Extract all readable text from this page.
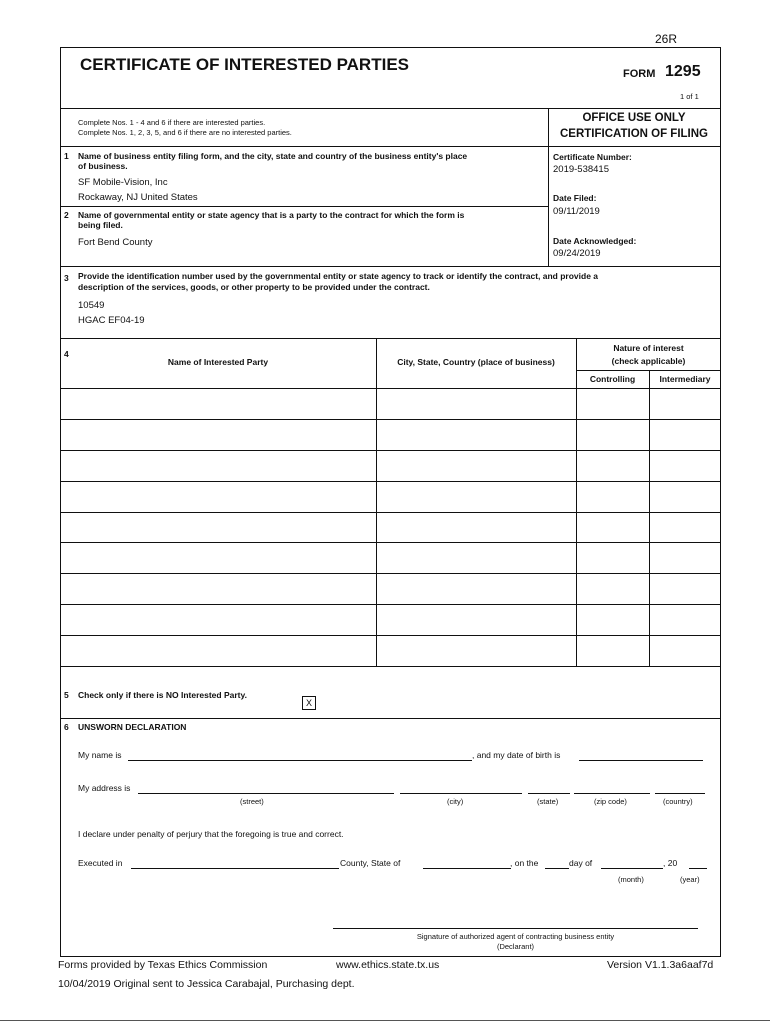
26R
CERTIFICATE OF INTERESTED PARTIES	FORM 1295
1 of 1
Complete Nos. 1 - 4 and 6 if there are interested parties.
Complete Nos. 1, 2, 3, 5, and 6 if there are no interested parties.
OFFICE USE ONLY
CERTIFICATION OF FILING
Certificate Number:
2019-538415
Date Filed:
09/11/2019
Date Acknowledged:
09/24/2019
1 Name of business entity filing form, and the city, state and country of the business entity's place
of business.
SF Mobile-Vision, Inc
Rockaway, NJ United States
2 Name of governmental entity or state agency that is a party to the contract for which the form is
being filed.
Fort Bend County
3 Provide the identification number used by the governmental entity or state agency to track or identify the contract, and provide a
description of the services, goods, or other property to be provided under the contract.
10549
HGAC EF04-19
4
Name of Interested Party	City, State, Country (place of business)
Nature of interest
(check applicable)
Controlling	Intermediary
5 Check only if there is NO Interested Party.
X
6 UNSWORN DECLARATION
My name is	, and my date of birth is
My address is
(street)	(city)	(state)	(zip code)	(country)
I declare under penalty of perjury that the foregoing is true and correct.
Executed in	County, State of	, on the	day of	, 20
(month)	(year)
Signature of authorized agent of contracting business entity
(Declarant)
Forms provided by Texas Ethics Commission	www.ethics.state.tx.us	Version V1.1.3a6aaf7d
10/04/2019 Original sent to Jessica Carabajal, Purchasing dept.
